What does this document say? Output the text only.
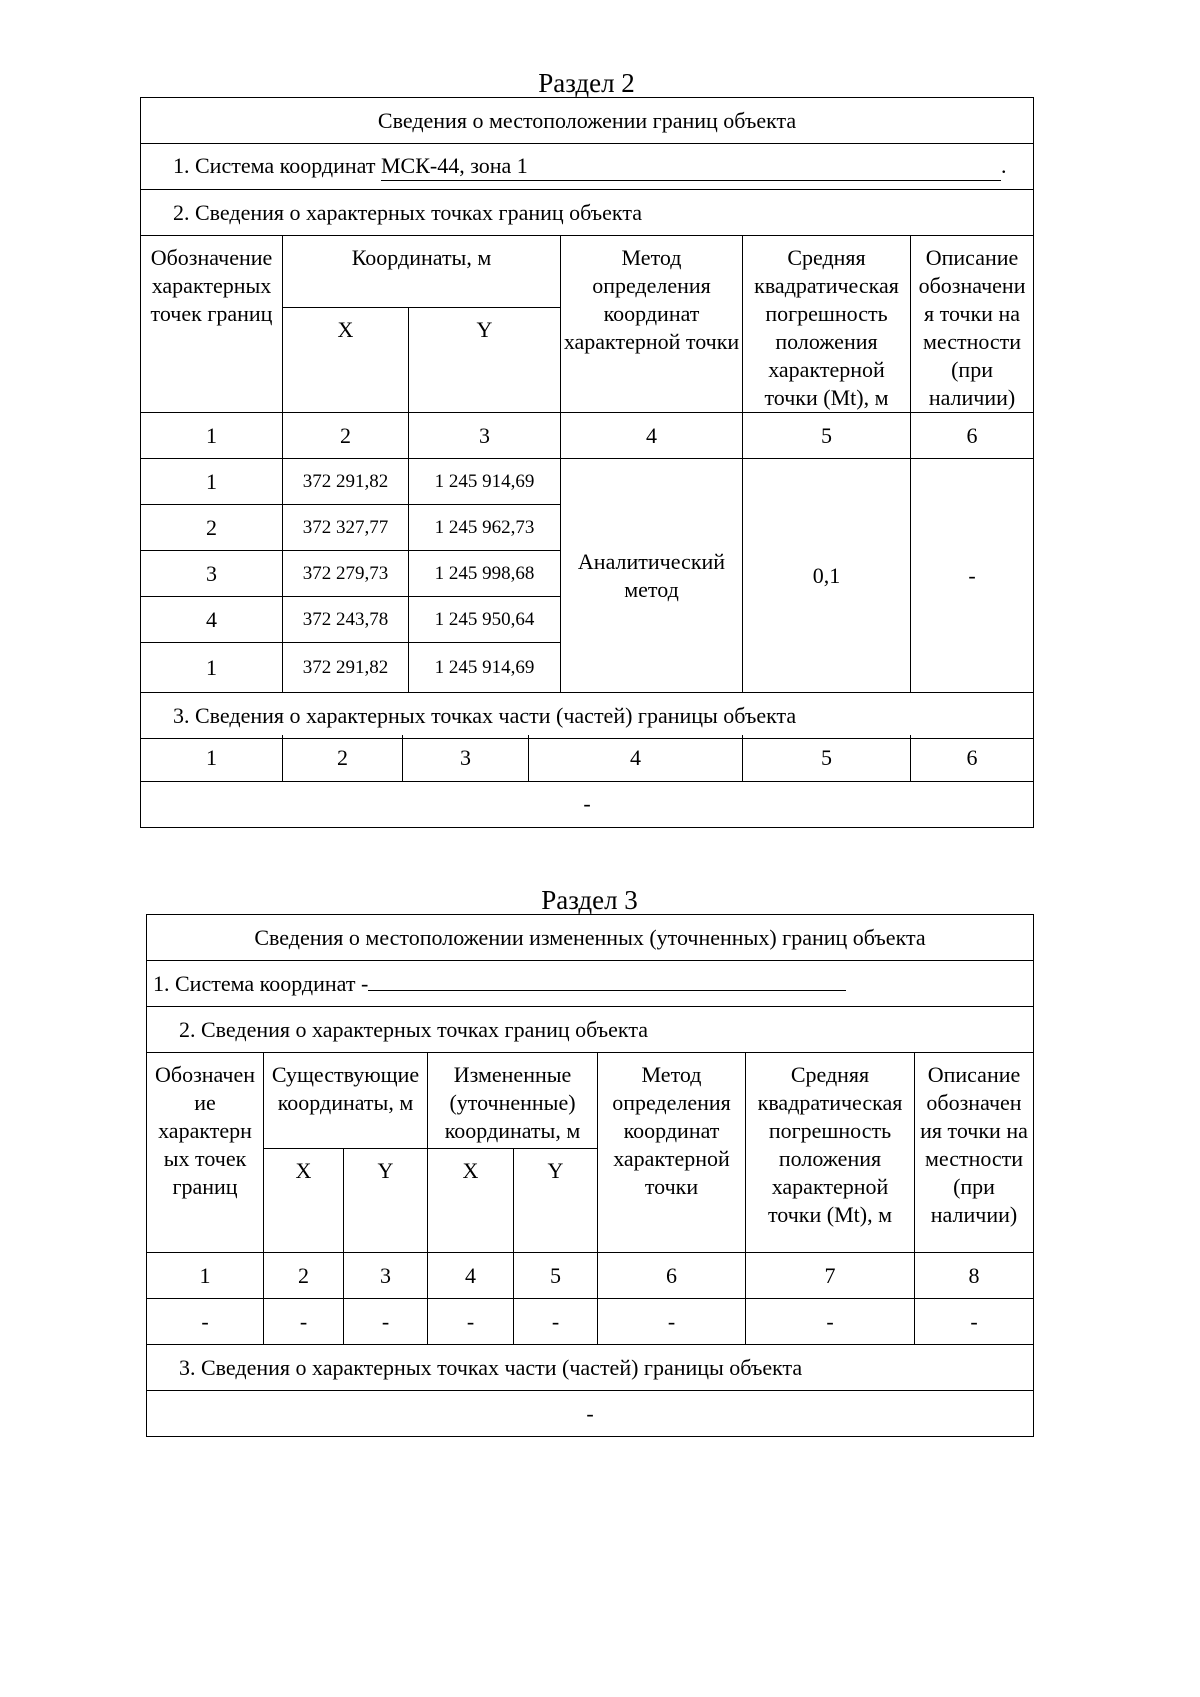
Раздел 2
Сведения о местоположении границ объекта					
1. Система координат МСК-44, зона 1 .					
2. Сведения о характерных точках границ объекта					
Обозначение характерных точек границ	Координаты, м		Метод определения координат характерной точки	Средняя квадратическая погрешность положения характерной точки (Mt), м	Описание обозначени я точки на местности (при наличии)
	X	Y			
1	2	3	4	5	6
1	372 291,82	1 245 914,69	Аналитический метод	0,1	-
2	372 327,77	1 245 962,73			
3	372 279,73	1 245 998,68			
4	372 243,78	1 245 950,64			
1	372 291,82	1 245 914,69			
3. Сведения о характерных точках части (частей) границы объекта					
1	2	3	4	5	6
-
Раздел 3
Сведения о местоположении измененных (уточненных) границ объекта							
1. Система координат -							
2. Сведения о характерных точках границ объекта							
Обозначен ие характерн ых точек границ	Существующие координаты, м		Измененные (уточненные) координаты, м		Метод определения координат характерной точки	Средняя квадратическая погрешность положения характерной точки (Mt), м	Описание обозначен ия точки на местности (при наличии)
	X	Y	X	Y			
1	2	3	4	5	6	7	8
-	-	-	-	-	-	-	-
3. Сведения о характерных точках части (частей) границы объекта							
-							
